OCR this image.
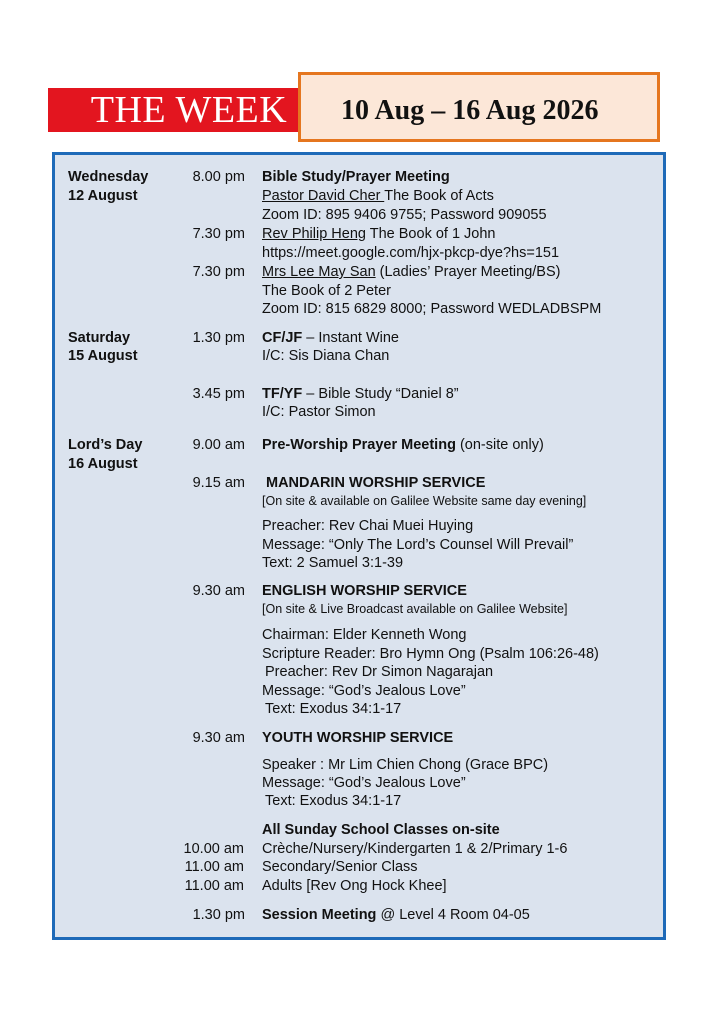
THE WEEK	10 Aug – 16 Aug 2026
Wednesday
12 August
8.00 pm Bible Study/Prayer Meeting
Pastor David Cher The Book of Acts
Zoom ID: 895 9406 9755; Password 909055
7.30 pm Rev Philip Heng The Book of 1 John
https://meet.google.com/hjx-pkcp-dye?hs=151
7.30 pm Mrs Lee May San (Ladies’ Prayer Meeting/BS)
The Book of 2 Peter
Zoom ID: 815 6829 8000; Password WEDLADBSPM
Saturday
15 August
1.30 pm CF/JF – Instant Wine
I/C: Sis Diana Chan
3.45 pm TF/YF – Bible Study “Daniel 8”
I/C: Pastor Simon
Lord’s Day
16 August
9.00 am Pre-Worship Prayer Meeting (on-site only)
9.15 am MANDARIN WORSHIP SERVICE
[On site & available on Galilee Website same day evening]
Preacher: Rev Chai Muei Huying
Message: “Only The Lord’s Counsel Will Prevail”
Text: 2 Samuel 3:1-39
9.30 am ENGLISH WORSHIP SERVICE
[On site & Live Broadcast available on Galilee Website]
Chairman: Elder Kenneth Wong
Scripture Reader: Bro Hymn Ong (Psalm 106:26-48)
Preacher: Rev Dr Simon Nagarajan
Message: “God’s Jealous Love”
Text: Exodus 34:1-17
9.30 am YOUTH WORSHIP SERVICE
Speaker : Mr Lim Chien Chong (Grace BPC)
Message: “God’s Jealous Love”
Text: Exodus 34:1-17
All Sunday School Classes on-site
10.00 am Crèche/Nursery/Kindergarten 1 & 2/Primary 1-6
11.00 am Secondary/Senior Class
11.00 am Adults [Rev Ong Hock Khee]
1.30 pm Session Meeting @ Level 4 Room 04-05
